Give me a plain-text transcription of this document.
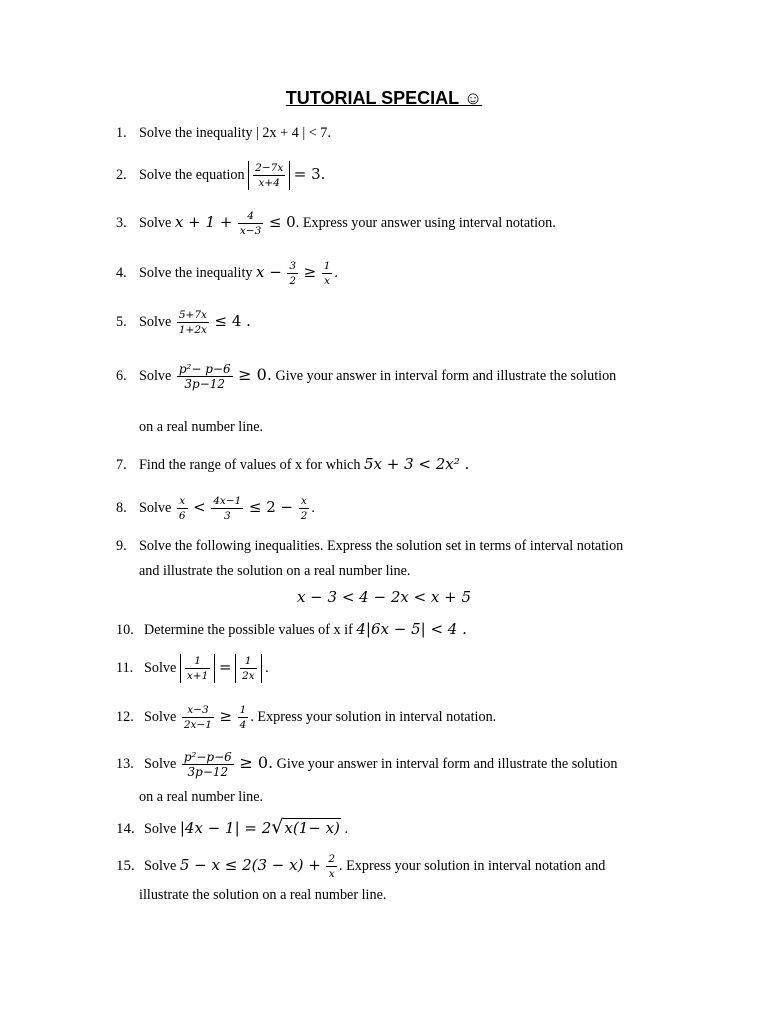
TUTORIAL SPECIAL ☺
1. Solve the inequality | 2x + 4 | < 7.
2. Solve the equation $\frac{2-7x}{x+4} = 3$.
3. Solve $x + 1 + \frac{4}{x-3} \le 0$. Express your answer using interval notation.
4. Solve the inequality $x - \frac{3}{2} \ge \frac{1}{x}$ .
5. Solve $\frac{5+7x}{1+2x} \le 4$ .
6. Solve $\frac{\text{p²− p−6}}{3p-12} \ge 0$. Give your answer in interval form and illustrate the solution
on a real number line.
7. Find the range of values of x for which 5x + 3 < 2x² .
8. Solve $\frac{x}{6} < \frac{4x-1}{3} \le 2 - \frac{x}{2}$ .
9. Solve the following inequalities. Express the solution set in terms of interval notation
and illustrate the solution on a real number line.
x − 3 < 4 − 2x < x + 5
10. Determine the possible values of x if 4|6x − 5| < 4 .
11. Solve $\frac{1}{x+1} = \frac{1}{2x}$ .
12. Solve $\frac{x-3}{2x-1} \ge \frac{1}{4}$ . Express your solution in interval notation.
13. Solve $\frac{\text{p²−p−6}}{3p-12} \ge 0$. Give your answer in interval form and illustrate the solution
on a real number line.
14. Solve |4x − 1| = 2√x(1− x) .
15. Solve $5 - x \le 2(3 - x) + \frac{2}{x}$ . Express your solution in interval notation and
illustrate the solution on a real number line.
